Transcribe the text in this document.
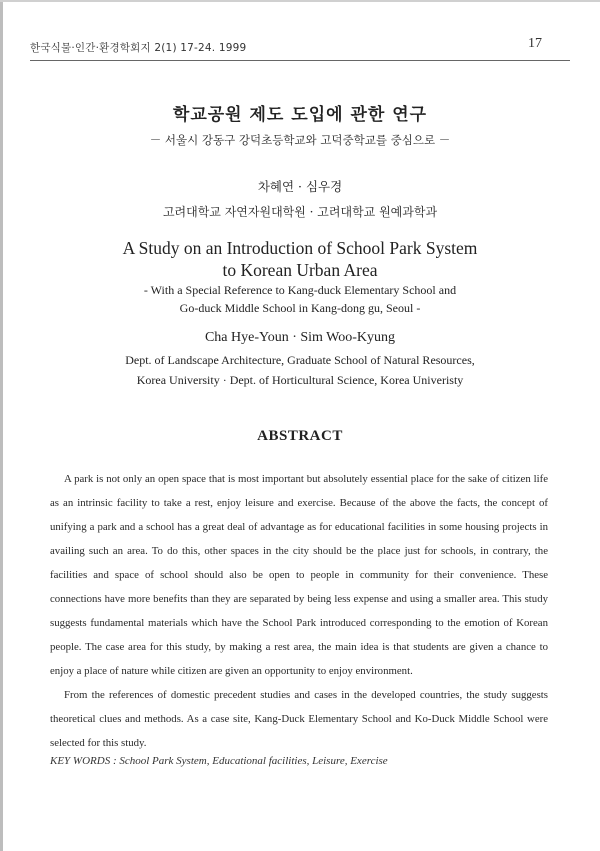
한국식물·인간·환경학회지 2(1) 17-24. 1999	17
학교공원 제도 도입에 관한 연구
－ 서울시 강동구 강덕초등학교와 고덕중학교를 중심으로 －
차혜연 · 심우경
고려대학교 자연자원대학원 · 고려대학교 원예과학과
A Study on an Introduction of School Park System
to Korean Urban Area
- With a Special Reference to Kang-duck Elementary School and
Go-duck Middle School in Kang-dong gu, Seoul -
Cha Hye-Youn · Sim Woo-Kyung
Dept. of Landscape Architecture, Graduate School of Natural Resources,
Korea University · Dept. of Horticultural Science, Korea Univeristy
ABSTRACT

A park is not only an open space that is most important but absolutely essential place for the sake of citizen life as an intrinsic facility to take a rest, enjoy leisure and exercise. Because of the above the facts, the concept of unifying a park and a school has a great deal of advantage as for educational facilities in some housing projects in availing such an area. To do this, other spaces in the city should be the place just for schools, in contrary, the facilities and space of school should also be open to people in community for their convenience. These connections have more benefits than they are separated by being less expense and using a smaller area. This study suggests fundamental materials which have the School Park introduced corresponding to the emotion of Korean people. The case area for this study, by making a rest area, the main idea is that students are given a chance to enjoy a place of nature while citizen are given an opportunity to enjoy environment.

From the references of domestic precedent studies and cases in the developed countries, the study suggests theoretical clues and methods. As a case site, Kang-Duck Elementary School and Ko-Duck Middle School were selected for this study.

KEY WORDS : School Park System, Educational facilities, Leisure, Exercise
